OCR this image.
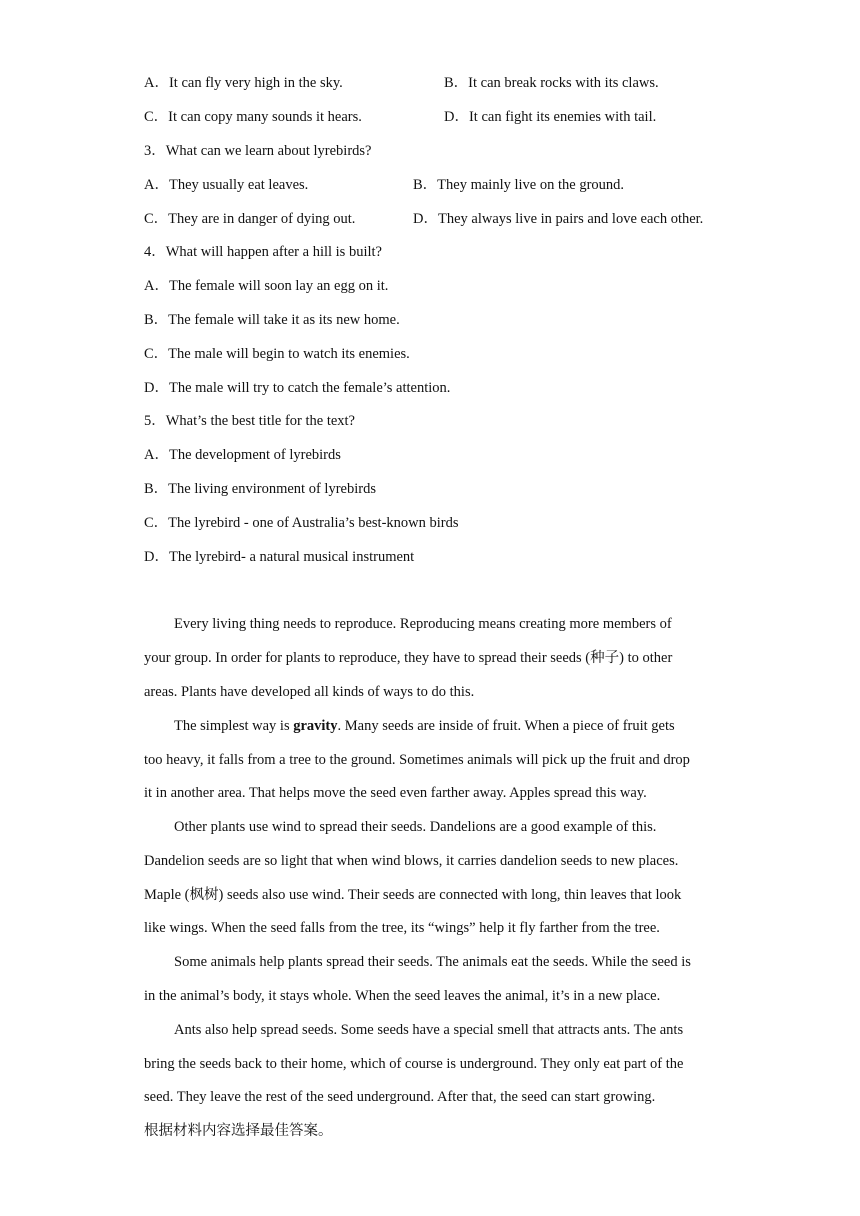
A．It can fly very high in the sky.	B．It can break rocks with its claws.
C．It can copy many sounds it hears.	D．It can fight its enemies with tail.
3．What can we learn about lyrebirds?
A．They usually eat leaves.	B．They mainly live on the ground.
C．They are in danger of dying out.	D．They always live in pairs and love each other.
4．What will happen after a hill is built?
A．The female will soon lay an egg on it.
B．The female will take it as its new home.
C．The male will begin to watch its enemies.
D．The male will try to catch the female’s attention.
5．What’s the best title for the text?
A．The development of lyrebirds
B．The living environment of lyrebirds
C．The lyrebird - one of Australia’s best-known birds
D．The lyrebird- a natural musical instrument
Every living thing needs to reproduce. Reproducing means creating more members of
your group. In order for plants to reproduce, they have to spread their seeds (种子) to other
areas. Plants have developed all kinds of ways to do this.
The simplest way is gravity. Many seeds are inside of fruit. When a piece of fruit gets
too heavy, it falls from a tree to the ground. Sometimes animals will pick up the fruit and drop
it in another area. That helps move the seed even farther away. Apples spread this way.
Other plants use wind to spread their seeds. Dandelions are a good example of this.
Dandelion seeds are so light that when wind blows, it carries dandelion seeds to new places.
Maple (枫树) seeds also use wind. Their seeds are connected with long, thin leaves that look
like wings. When the seed falls from the tree, its “wings” help it fly farther from the tree.
Some animals help plants spread their seeds. The animals eat the seeds. While the seed is
in the animal’s body, it stays whole. When the seed leaves the animal, it’s in a new place.
Ants also help spread seeds. Some seeds have a special smell that attracts ants. The ants
bring the seeds back to their home, which of course is underground. They only eat part of the
seed. They leave the rest of the seed underground. After that, the seed can start growing.
根据材料内容选择最佳答案。
